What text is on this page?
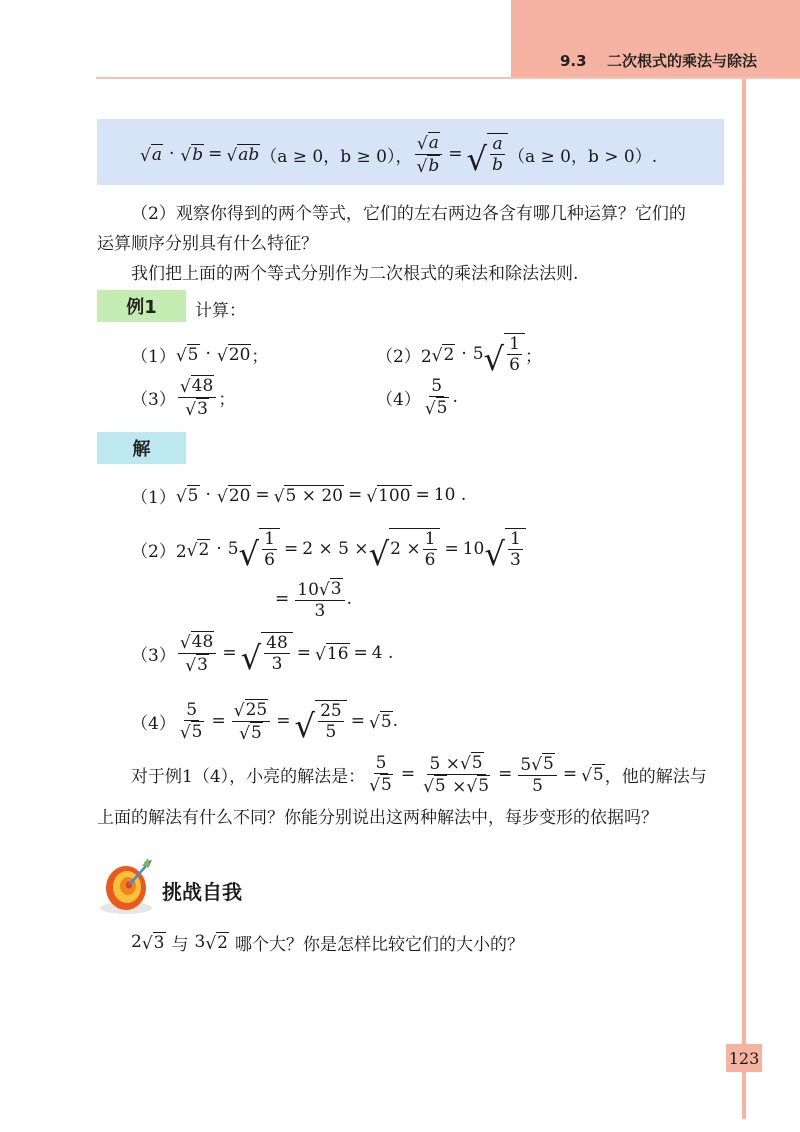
9.3 二次根式的乘法与除法
√ a · √ b = √ ab （a ≥ 0，b ≥ 0）， $\frac{√ a}{√ b}$ = √ $\frac{a}{b} (a \ge 0$，b > 0）.
（2）观察你得到的两个等式，它们的左右两边各含有哪几种运算？它们的
运算顺序分别具有什么特征？
我们把上面的两个等式分别作为二次根式的乘法和除法法则.
例1	计算：
（1） √ 5 · √ 20 ；	（2）2 √ 2 · 5 √ $\frac{1}{6}$ ；
$(3) \frac{√ 48}{√ 3}$ ；	$(4) \frac{5}{√ 5}$ .
解
（1） √ 5 · √ 20 = √ 5 × 20 = √ 100 = 10 .
（2）2 √ 2 · 5 √ $\frac{1}{6} = 2 \times 5$ × √ $2 \times \frac{1}{6} = 10$ √ $\frac{1}{3}$
= $\frac{10 √ 3}{3}$ .
$(3) \frac{√ 48}{√ 3}$ = √ $\frac{48}{3}$ = √ 16 = 4 .
$(4) \frac{5}{√ 5} = \frac{√ 25}{√ 5}$ = √ $\frac{25}{5}$ = √ 5 .
对于例1（4），小亮的解法是： $\frac{5}{√ 5} = \frac{5 \times √ 5}{√ 5 \times √ 5} = \frac{5 √ 5}{5}$ = √ 5 ，他的解法与
上面的解法有什么不同？你能分别说出这两种解法中，每步变形的依据吗？
挑战自我
2 √ 3 与 3 √ 2 哪个大？你是怎样比较它们的大小的？
123
